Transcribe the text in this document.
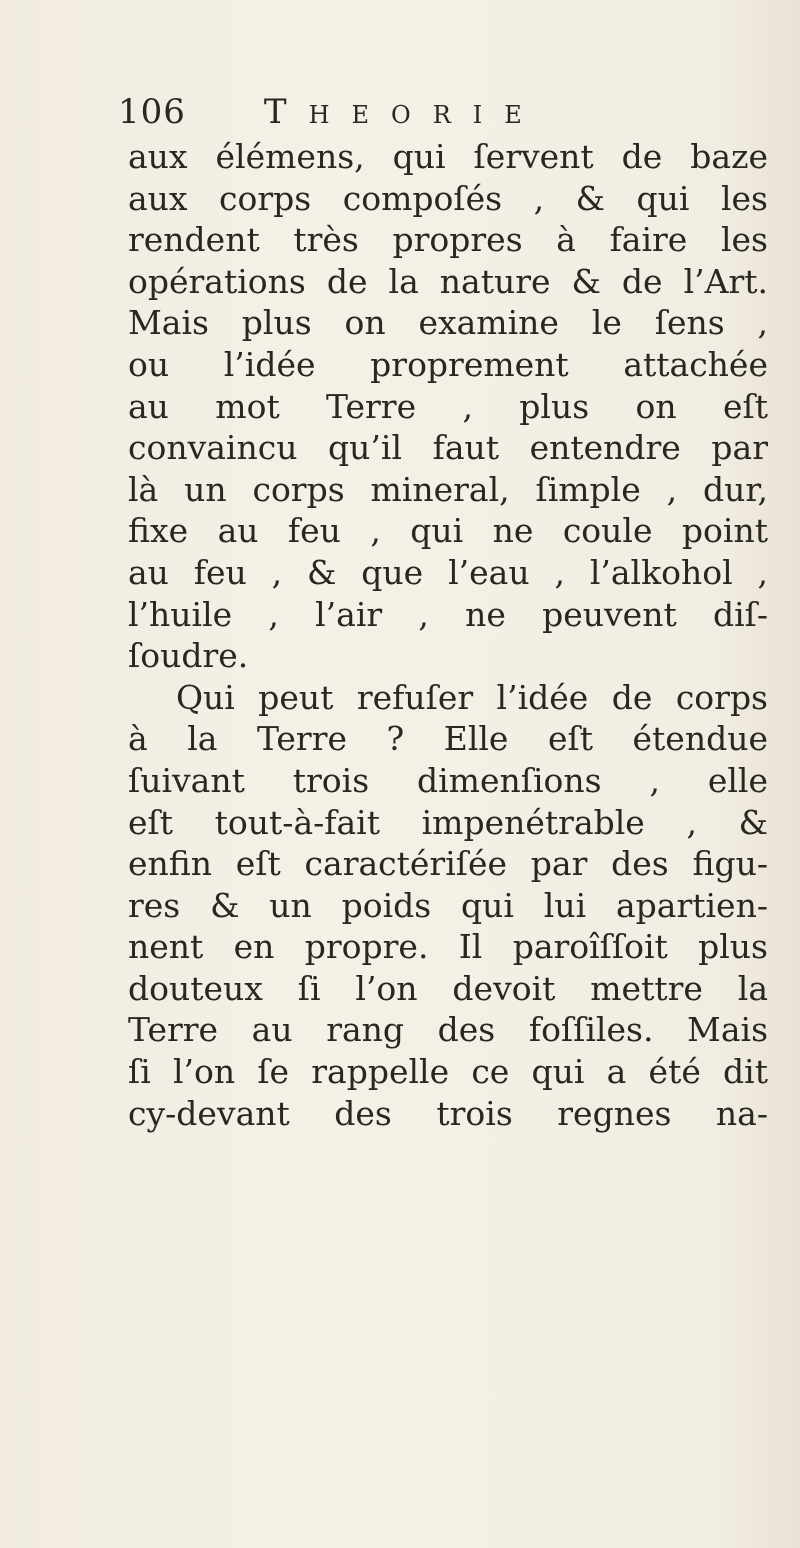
106 Theorie
aux élémens, qui ſervent de baze
aux corps compoſés , & qui les
rendent très propres à faire les
opérations de la nature & de l’Art.
Mais plus on examine le ſens ,
ou l’idée proprement attachée
au mot Terre , plus on eſt
convaincu qu’il faut entendre par
là un corps mineral, ſimple , dur,
fixe au feu , qui ne coule point
au feu , & que l’eau , l’alkohol ,
l’huile , l’air , ne peuvent diſ-
ſoudre.
Qui peut refuſer l’idée de corps
à la Terre ? Elle eſt étendue
ſuivant trois dimenſions , elle
eſt tout-à-fait impenétrable , &
enfin eſt caractériſée par des figu-
res & un poids qui lui apartien-
nent en propre. Il paroîſſoit plus
douteux ſi l’on devoit mettre la
Terre au rang des foſſiles. Mais
ſi l’on ſe rappelle ce qui a été dit
cy-devant des trois regnes na-
